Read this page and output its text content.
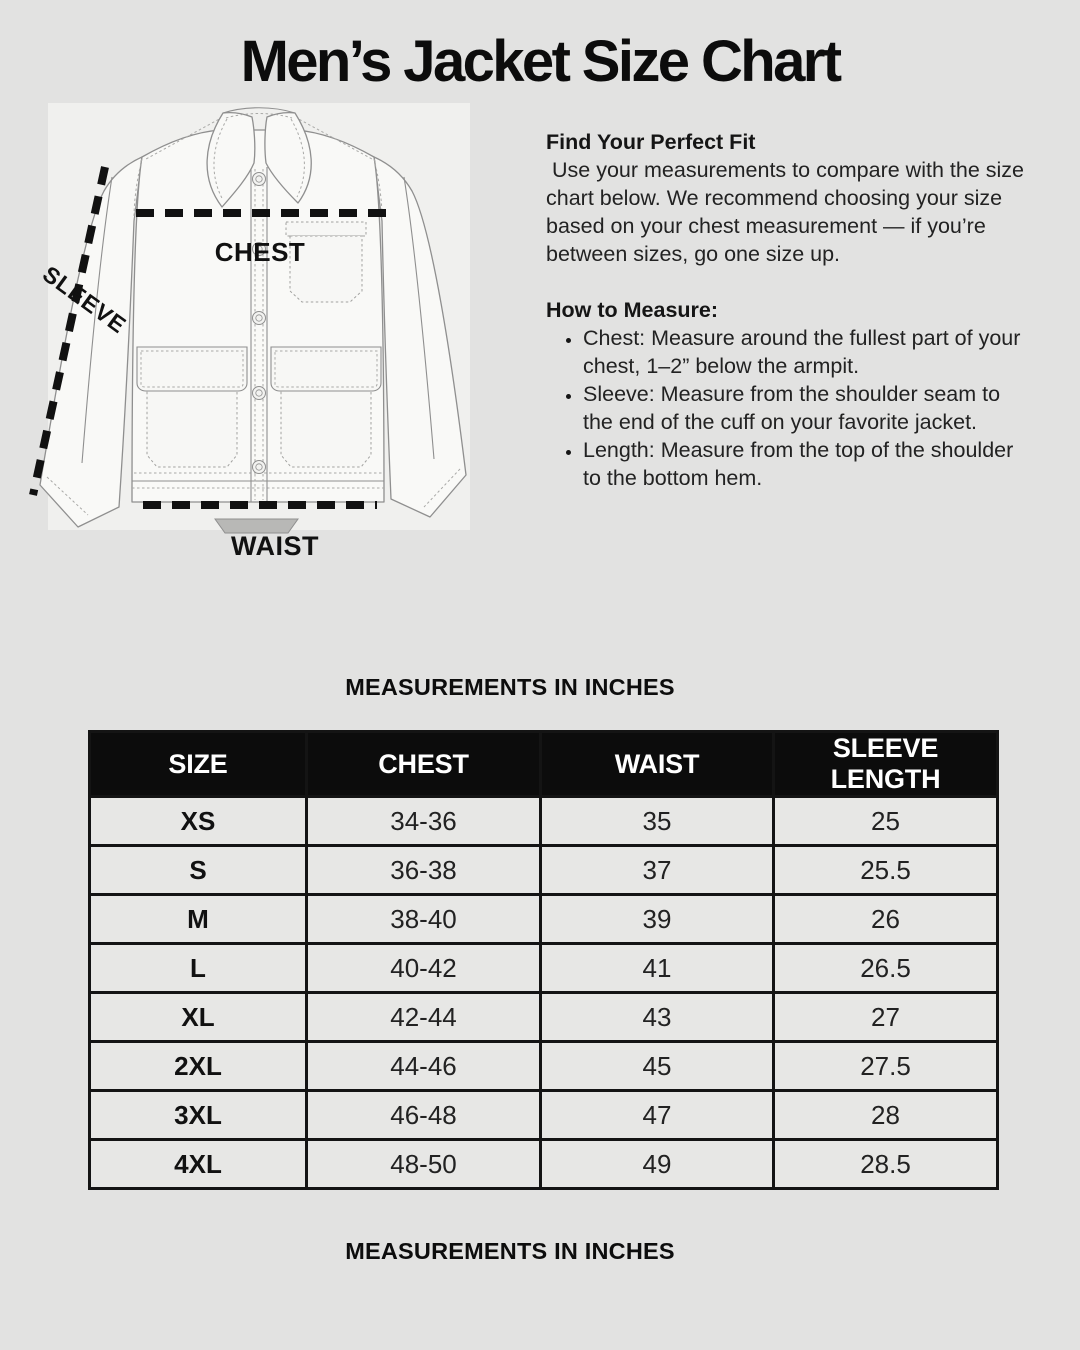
Men’s Jacket Size Chart
CHEST
WAIST
SLEEVE

Find Your Perfect Fit

Use your measurements to compare with the size chart below. We recommend choosing your size based on your chest measurement — if you’re between sizes, go one size up.

How to Measure:

• Chest: Measure around the fullest part of your chest, 1–2” below the armpit.
• Sleeve: Measure from the shoulder seam to the end of the cuff on your favorite jacket.
• Length: Measure from the top of the shoulder to the bottom hem.

MEASUREMENTS IN INCHES

SIZE	CHEST	WAIST	SLEEVE LENGTH
XS	34-36	35	25
S	36-38	37	25.5
M	38-40	39	26
L	40-42	41	26.5
XL	42-44	43	27
2XL	44-46	45	27.5
3XL	46-48	47	28
4XL	48-50	49	28.5

MEASUREMENTS IN INCHES
